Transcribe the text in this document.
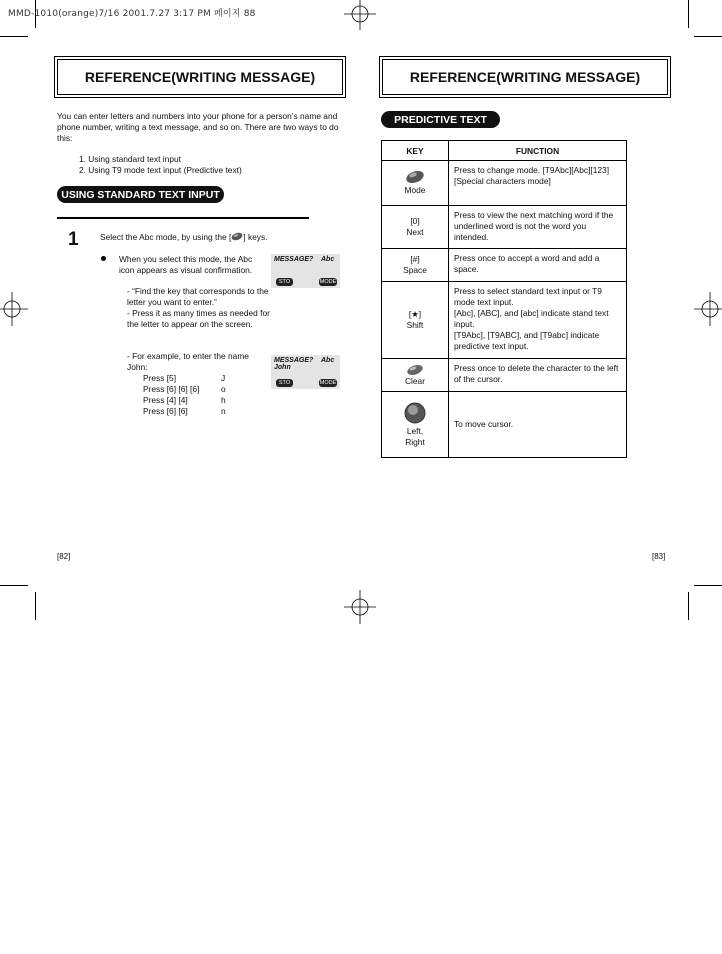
MMD-1010(orange)7/16 2001.7.27 3:17 PM 페이지 88
REFERENCE(WRITING MESSAGE)
You can enter letters and numbers into your phone for a person’s name and phone number, writing a text message, and so on. There are two ways to do this:
1. Using standard text input
2. Using T9 mode text input (Predictive text)
USING STANDARD TEXT INPUT
1	Select the Abc mode, by using the [ ] keys.
When you select this mode, the Abc icon appears as visual confirmation.
- “Find the key that corresponds to the letter you want to enter.”
- Press it as many times as needed for the letter to appear on the screen.
- For example, to enter the name John:
Press [5]	J
Press [6] [6] [6]	o
Press [4] [4]	h
Press [6] [6]	n
MESSAGE? Abc
STO	MODE
MESSAGE? Abc
John
STO	MODE
[82]
REFERENCE(WRITING MESSAGE)
PREDICTIVE TEXT
KEY	FUNCTION

Mode	Press to change mode. [T9Abc][Abc][123][Special characters mode]
[0]
Next	Press to view the next matching word if the underlined word is not the word you intended.
[#]
Space	Press once to accept a word and add a space.
[★]
Shift	Press to select standard text input or T9 mode text input.
[Abc], [ABC], and [abc] indicate stand text input.
[T9Abc], [T9ABC], and [T9abc] indicate predictive text input.

Clear	Press once to delete the character to the left of the cursor.

Left,
Right	To move cursor.
[83]
